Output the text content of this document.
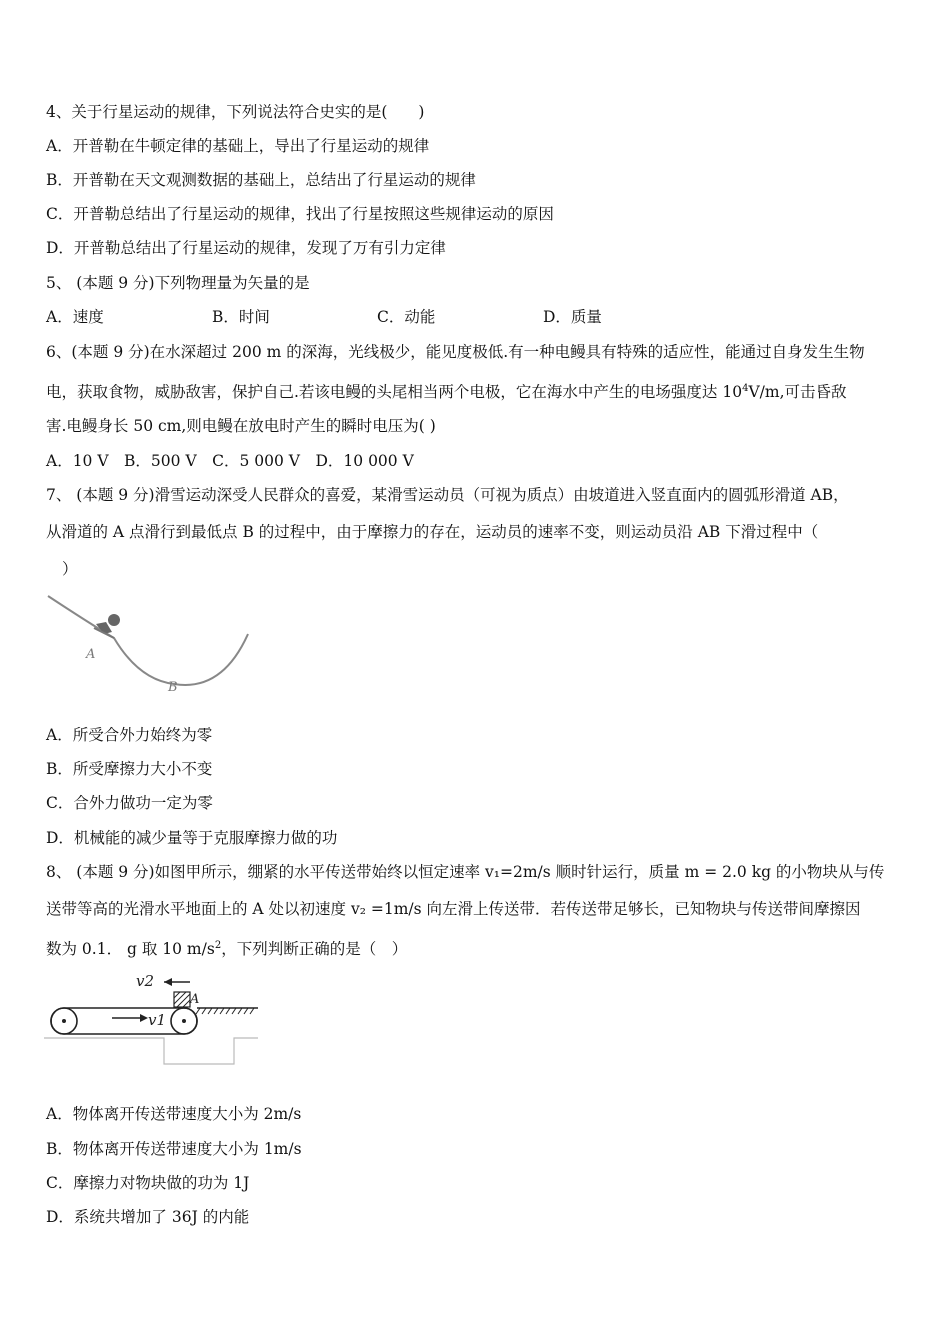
4、关于行星运动的规律，下列说法符合史实的是(　　)
A．开普勒在牛顿定律的基础上，导出了行星运动的规律
B．开普勒在天文观测数据的基础上，总结出了行星运动的规律
C．开普勒总结出了行星运动的规律，找出了行星按照这些规律运动的原因
D．开普勒总结出了行星运动的规律，发现了万有引力定律
5、 (本题 9 分)下列物理量为矢量的是
A．速度	B．时间	C．动能	D．质量
6、(本题 9 分)在水深超过 200 m 的深海，光线极少，能见度极低.有一种电鳗具有特殊的适应性，能通过自身发生生物
电，获取食物，威胁敌害，保护自己.若该电鳗的头尾相当两个电极，它在海水中产生的电场强度达 $10^4V/m$,可击昏敌
害.电鳗身长 50 cm,则电鳗在放电时产生的瞬时电压为( )
A．10 V　B．500 V　C．5 000 V　D．10 000 V
7、 (本题 9 分)滑雪运动深受人民群众的喜爱，某滑雪运动员（可视为质点）由坡道进入竖直面内的圆弧形滑道 AB，
从滑道的 A 点滑行到最低点 B 的过程中，由于摩擦力的存在，运动员的速率不变，则运动员沿 AB 下滑过程中（
）
A
B
A．所受合外力始终为零
B．所受摩擦力大小不变
C．合外力做功一定为零
D．机械能的减少量等于克服摩擦力做的功
8、 (本题 9 分)如图甲所示，绷紧的水平传送带始终以恒定速率 v₁=2m/s 顺时针运行，质量 m = 2.0 kg 的小物块从与传
送带等高的光滑水平地面上的 A 处以初速度 v₂ =1m/s 向左滑上传送带．若传送带足够长，已知物块与传送带间摩擦因
数为 0.1． g 取 10 $m/s^2$，下列判断正确的是（　）
A
v2
v1
A．物体离开传送带速度大小为 2m/s
B．物体离开传送带速度大小为 1m/s
C．摩擦力对物块做的功为 1J
D．系统共增加了 36J 的内能
